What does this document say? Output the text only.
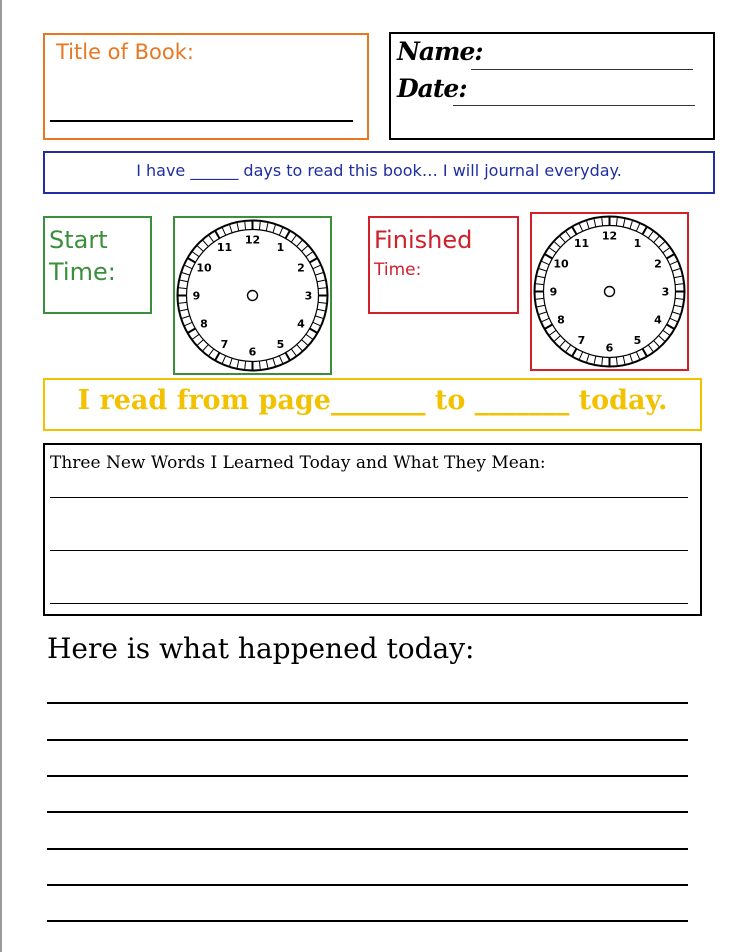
Title of Book:	Name:
Date:
I have ______ days to read this book… I will journal everyday.
Start
Time:
12
1
2
3
4
5
6
7
8
9
10
11	Finished
Time:
12
1
2
3
4
5
6
7
8
9
10
11
I read from page_______ to _______ today.
Three New Words I Learned Today and What They Mean:
Here is what happened today:
